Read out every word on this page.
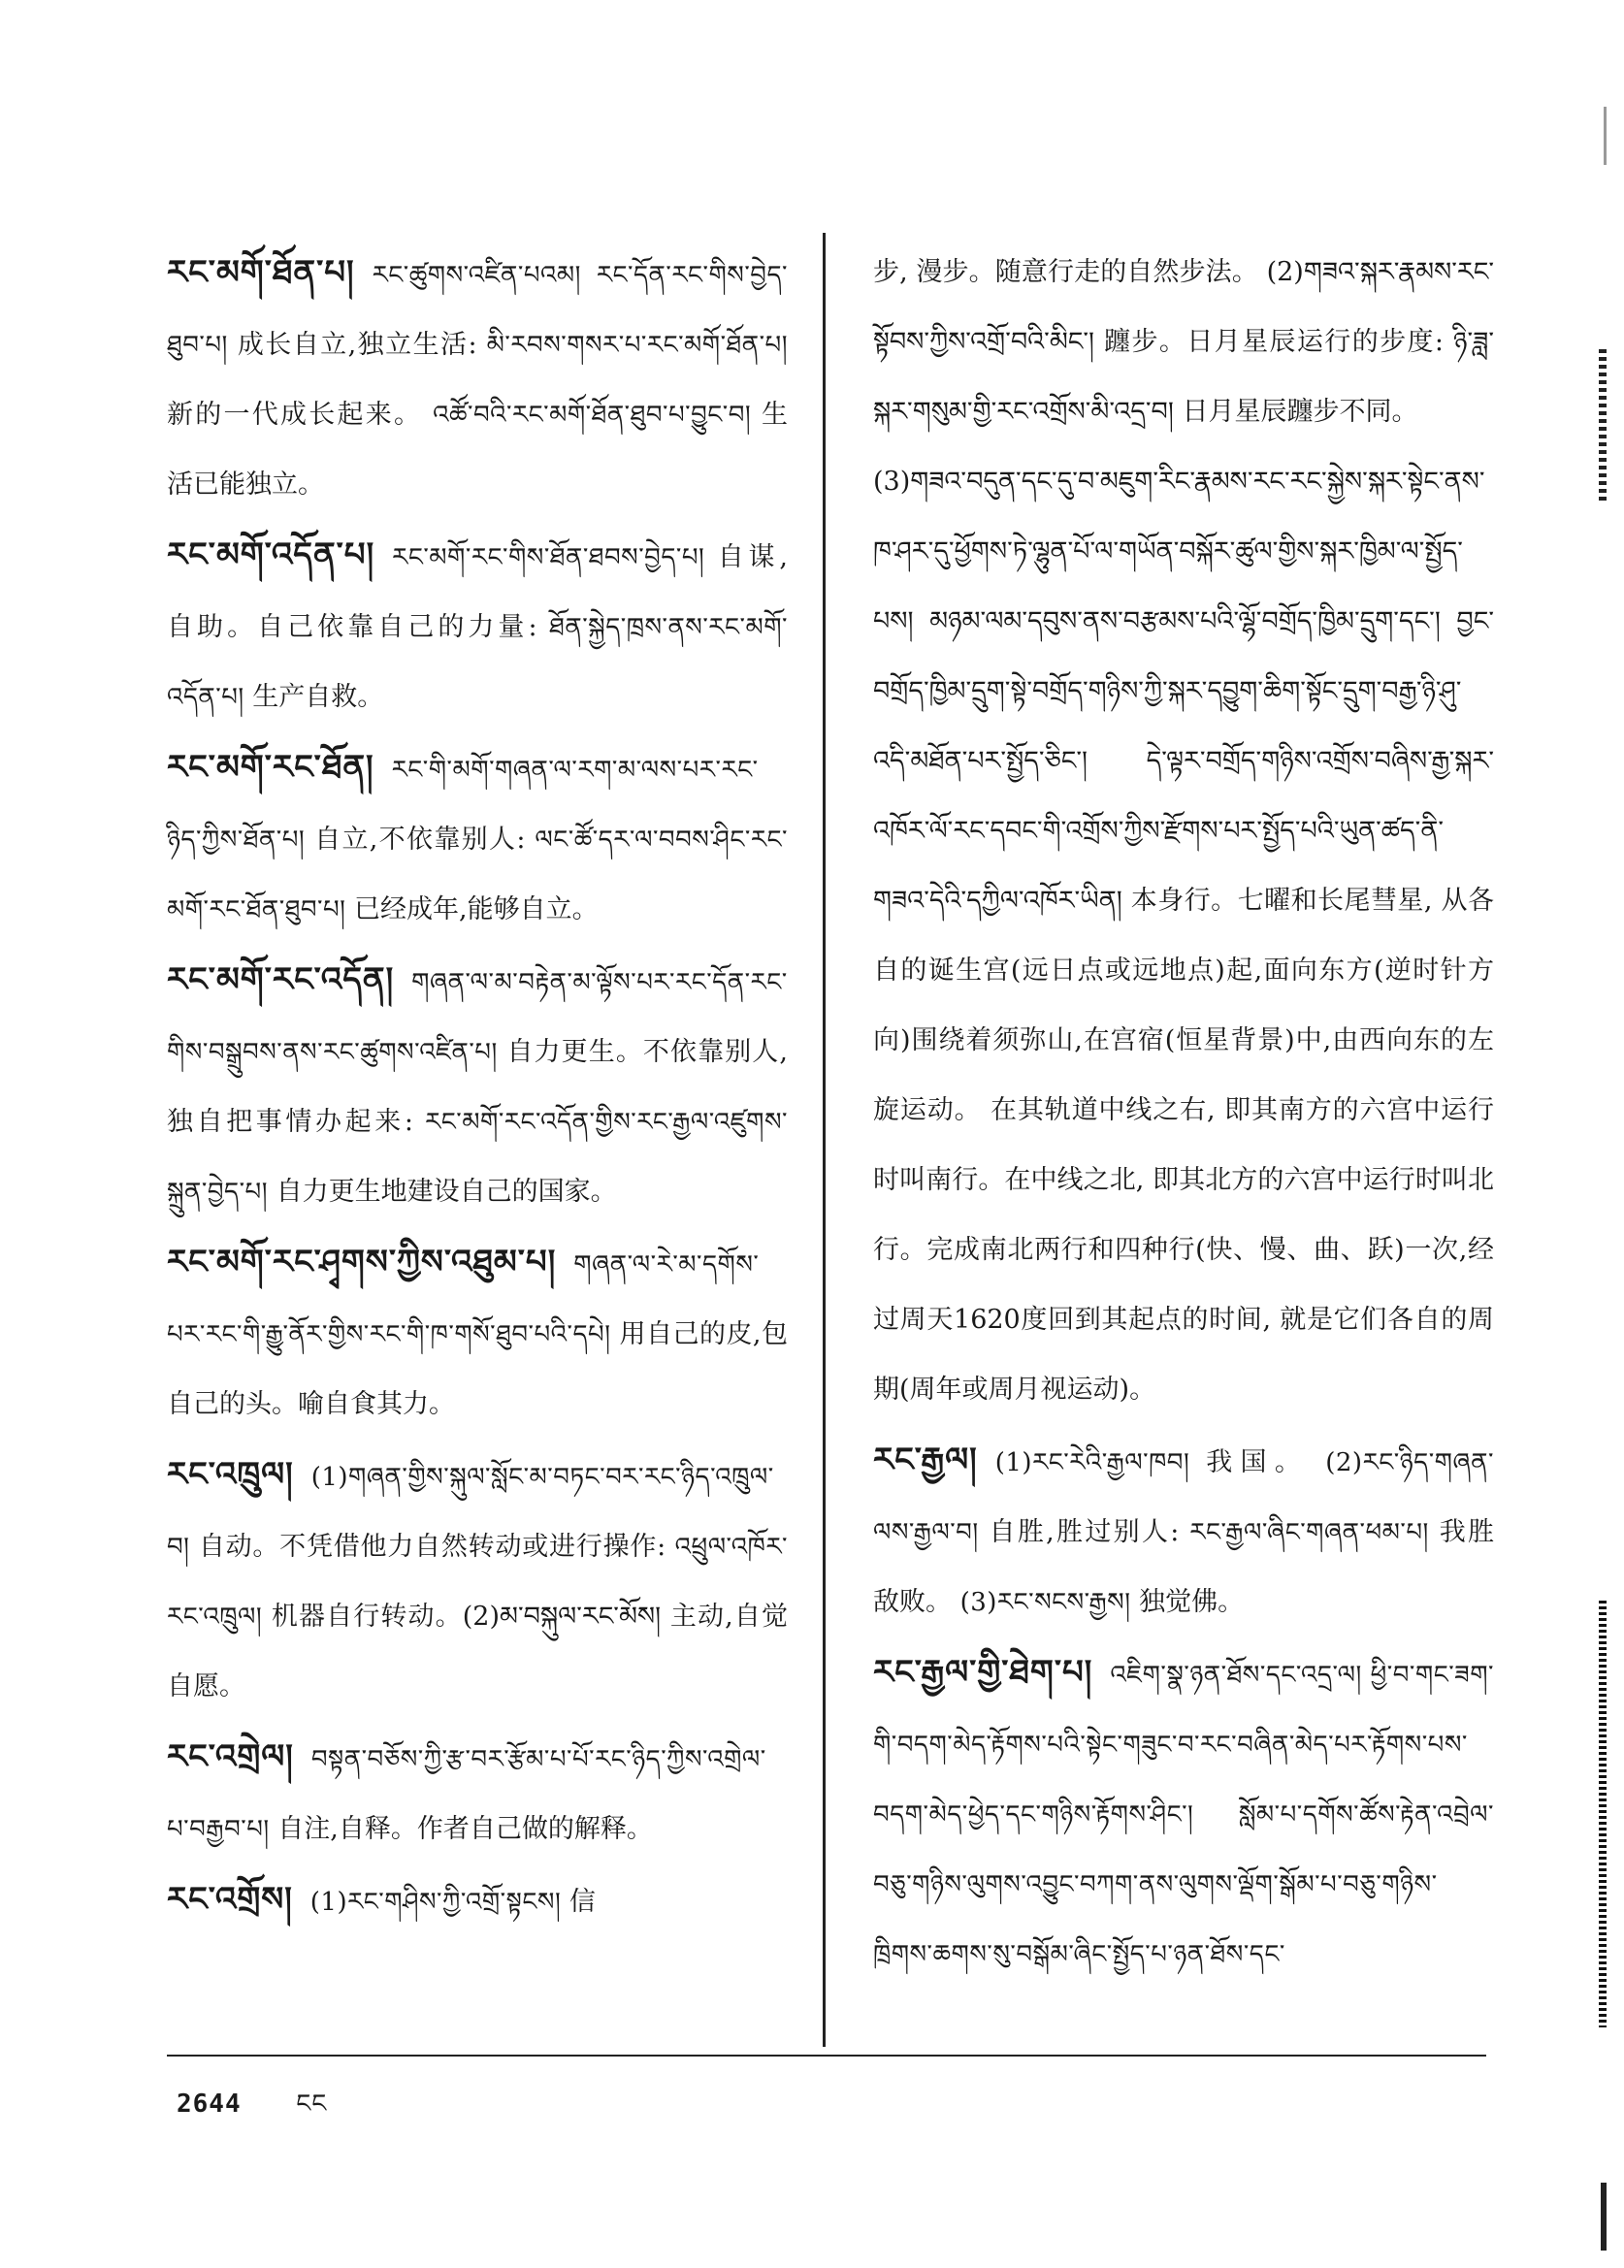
རང་མགོ་ཐོན་པ། རང་ཚུགས་འཛིན་པའམ། རང་དོན་རང་གིས་བྱེད་ཐུབ་པ། 成长自立,独立生活: མི་རབས་གསར་པ་རང་མགོ་ཐོན་པ། 新的一代成长起来。 འཚོ་བའི་རང་མགོ་ཐོན་ཐུབ་པ་བྱུང་བ། 生活已能独立。

རང་མགོ་འདོན་པ། རང་མགོ་རང་གིས་ཐོན་ཐབས་བྱེད་པ། 自谋,自助。自己依靠自己的力量: ཐོན་སྐྱེད་ཁྲས་ནས་རང་མགོ་འདོན་པ། 生产自救。

རང་མགོ་རང་ཐོན། རང་གི་མགོ་གཞན་ལ་རག་མ་ལས་པར་རང་ཉིད་ཀྱིས་ཐོན་པ། 自立,不依靠别人: ལང་ཚོ་དར་ལ་བབས་ཤིང་རང་མགོ་རང་ཐོན་ཐུབ་པ། 已经成年,能够自立。

རང་མགོ་རང་འདོན། གཞན་ལ་མ་བརྟེན་མ་ལྟོས་པར་རང་དོན་རང་གིས་བསྒྲུབས་ནས་རང་ཚུགས་འཛིན་པ། 自力更生。不依靠别人,独自把事情办起来: རང་མགོ་རང་འདོན་གྱིས་རང་རྒྱལ་འཛུགས་སྐྲུན་བྱེད་པ། 自力更生地建设自己的国家。

རང་མགོ་རང་ཤྭགས་ཀྱིས་འཐུམ་པ། གཞན་ལ་རེ་མ་དགོས་པར་རང་གི་རྒྱུ་ནོར་གྱིས་རང་གི་ཁ་གསོ་ཐུབ་པའི་དཔེ། 用自己的皮,包自己的头。喻自食其力。

རང་འཁྲུལ། (1)གཞན་གྱིས་སྐུལ་སློང་མ་བཏང་བར་རང་ཉིད་འཁྲུལ་བ། 自动。不凭借他力自然转动或进行操作: འཕྲུལ་འཁོར་རང་འཁྲུལ། 机器自行转动。(2)མ་བསྐུལ་རང་མོས། 主动,自觉自愿。

རང་འགྲེལ། བསྟན་བཅོས་ཀྱི་རྩ་བར་རྩོམ་པ་པོ་རང་ཉིད་ཀྱིས་འགྲེལ་པ་བརྒྱབ་པ། 自注,自释。作者自己做的解释。

རང་འགྲོས། (1)རང་གཤིས་ཀྱི་འགྲོ་སྟངས། 信

步, 漫步。随意行走的自然步法。 (2)གཟའ་སྐར་རྣམས་རང་སྟོབས་ཀྱིས་འགྲོ་བའི་མིང་། 躔步。日月星辰运行的步度: ཉི་ཟླ་སྐར་གསུམ་གྱི་རང་འགྲོས་མི་འདྲ་བ། 日月星辰躔步不同。

(3)གཟའ་བདུན་དང་དུ་བ་མཇུག་རིང་རྣམས་རང་རང་སྐྱེས་སྐར་སྟེང་ནས་ཁ་ཤར་དུ་ཕྱོགས་ཏེ་ལྷུན་པོ་ལ་གཡོན་བསྐོར་ཚུལ་གྱིས་སྐར་ཁྱིམ་ལ་སྤྱོད་པས། མཉམ་ལམ་དབུས་ནས་བརྩམས་པའི་ལྷོ་བགྲོད་ཁྱིམ་དྲུག་དང་། བྱང་བགྲོད་ཁྱིམ་དྲུག་སྟེ་བགྲོད་གཉིས་ཀྱི་སྐར་དབྱུག་ཆིག་སྟོང་དྲུག་བརྒྱ་ཉི་ཤུ་འདི་མཐོན་པར་སྤྱོད་ཅིང་། དེ་ལྟར་བགྲོད་གཉིས་འགྲོས་བཞིས་རྒྱ་སྐར་འཁོར་ལོ་རང་དབང་གི་འགྲོས་ཀྱིས་རྫོགས་པར་སྤྱོད་པའི་ཡུན་ཚད་ནི་གཟའ་དེའི་དཀྱིལ་འཁོར་ཡིན། 本身行。七曜和长尾彗星, 从各自的诞生宫(远日点或远地点)起,面向东方(逆时针方向)围绕着须弥山,在宫宿(恒星背景)中,由西向东的左旋运动。 在其轨道中线之右, 即其南方的六宫中运行时叫南行。在中线之北, 即其北方的六宫中运行时叫北行。完成南北两行和四种行(快、慢、曲、跃)一次,经过周天1620度回到其起点的时间, 就是它们各自的周期(周年或周月视运动)。

རང་རྒྱལ། (1)རང་རེའི་རྒྱལ་ཁབ། 我国。 (2)རང་ཉིད་གཞན་ལས་རྒྱལ་བ། 自胜,胜过别人: རང་རྒྱལ་ཞིང་གཞན་ཕམ་པ། 我胜敌败。 (3)རང་སངས་རྒྱས། 独觉佛。

རང་རྒྱལ་གྱི་ཐེག་པ། འཇིག་སྣ་ཉན་ཐོས་དང་འདྲ་ལ། ཕྱི་བ་གང་ཟག་གི་བདག་མེད་རྟོགས་པའི་སྟེང་གཟུང་བ་རང་བཞིན་མེད་པར་རྟོགས་པས་བདག་མེད་ཕྱེད་དང་གཉིས་རྟོགས་ཤིང་། སློམ་པ་དགོས་ཚོས་རྟེན་འབྲེལ་བཅུ་གཉིས་ལུགས་འབྱུང་བཀག་ནས་ལུགས་ལྡོག་སྒོམ་པ་བཅུ་གཉིས་ཁྲིགས་ཆགས་སུ་བསྒོམ་ཞིང་སྤྱོད་པ་ཉན་ཐོས་དང་

2644 ངང
